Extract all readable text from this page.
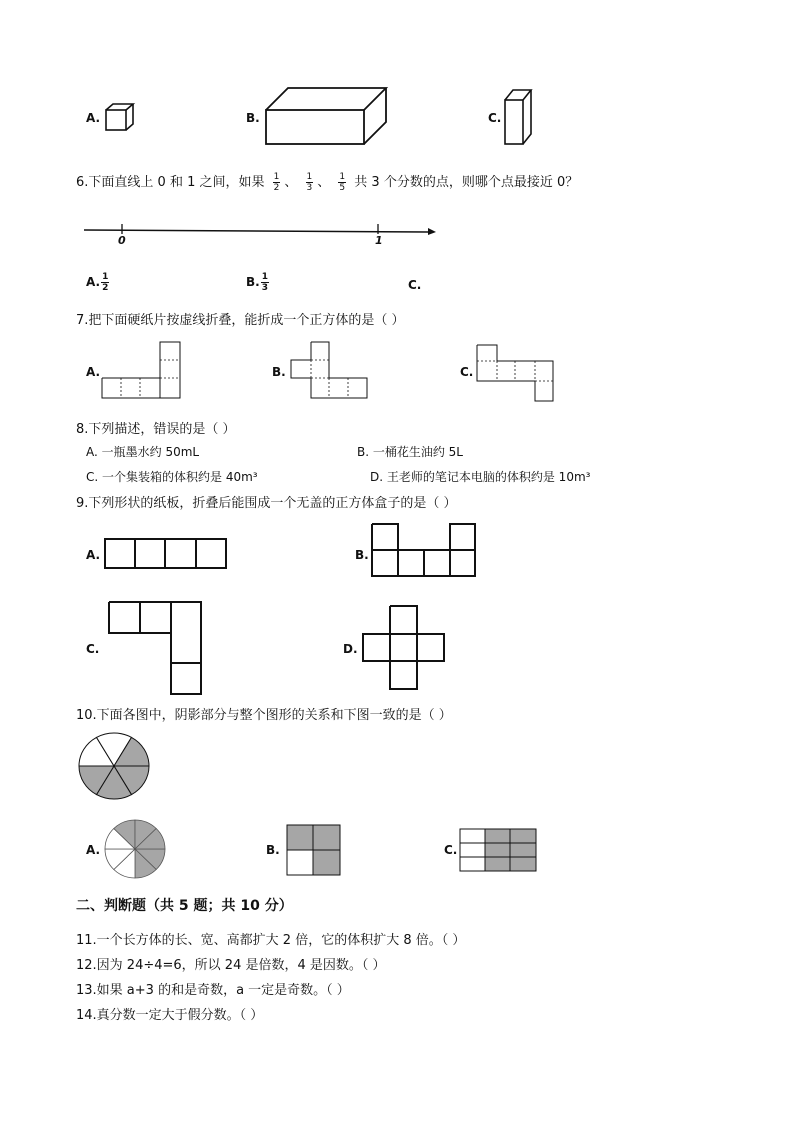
A.	B.	C.
6.下面直线上 0 和 1 之间，如果 $\frac{1}{2}$ 、 $\frac{1}{3}$ 、 $\frac{1}{5}$ 共 3 个分数的点，则哪个点最接近 0？
0	1
A. $\frac{1}{2}$	B. $\frac{1}{3}$	C.
7.把下面硬纸片按虚线折叠，能折成一个正方体的是（ ）
A.	B.	C.
8.下列描述，错误的是（ ）
A. 一瓶墨水约 50mL	B. 一桶花生油约 5L
C. 一个集装箱的体积约是 40m³	D. 王老师的笔记本电脑的体积约是 10m³
9.下列形状的纸板，折叠后能围成一个无盖的正方体盒子的是（ ）
A.	B.
C.	D.
10.下面各图中，阴影部分与整个图形的关系和下图一致的是（ ）
A.	B.	C.
二、判断题（共 5 题；共 10 分）
11.一个长方体的长、宽、高都扩大 2 倍，它的体积扩大 8 倍。（ ）
12.因为 24÷4=6，所以 24 是倍数，4 是因数。（ ）
13.如果 a+3 的和是奇数，a 一定是奇数。（ ）
14.真分数一定大于假分数。（ ）
